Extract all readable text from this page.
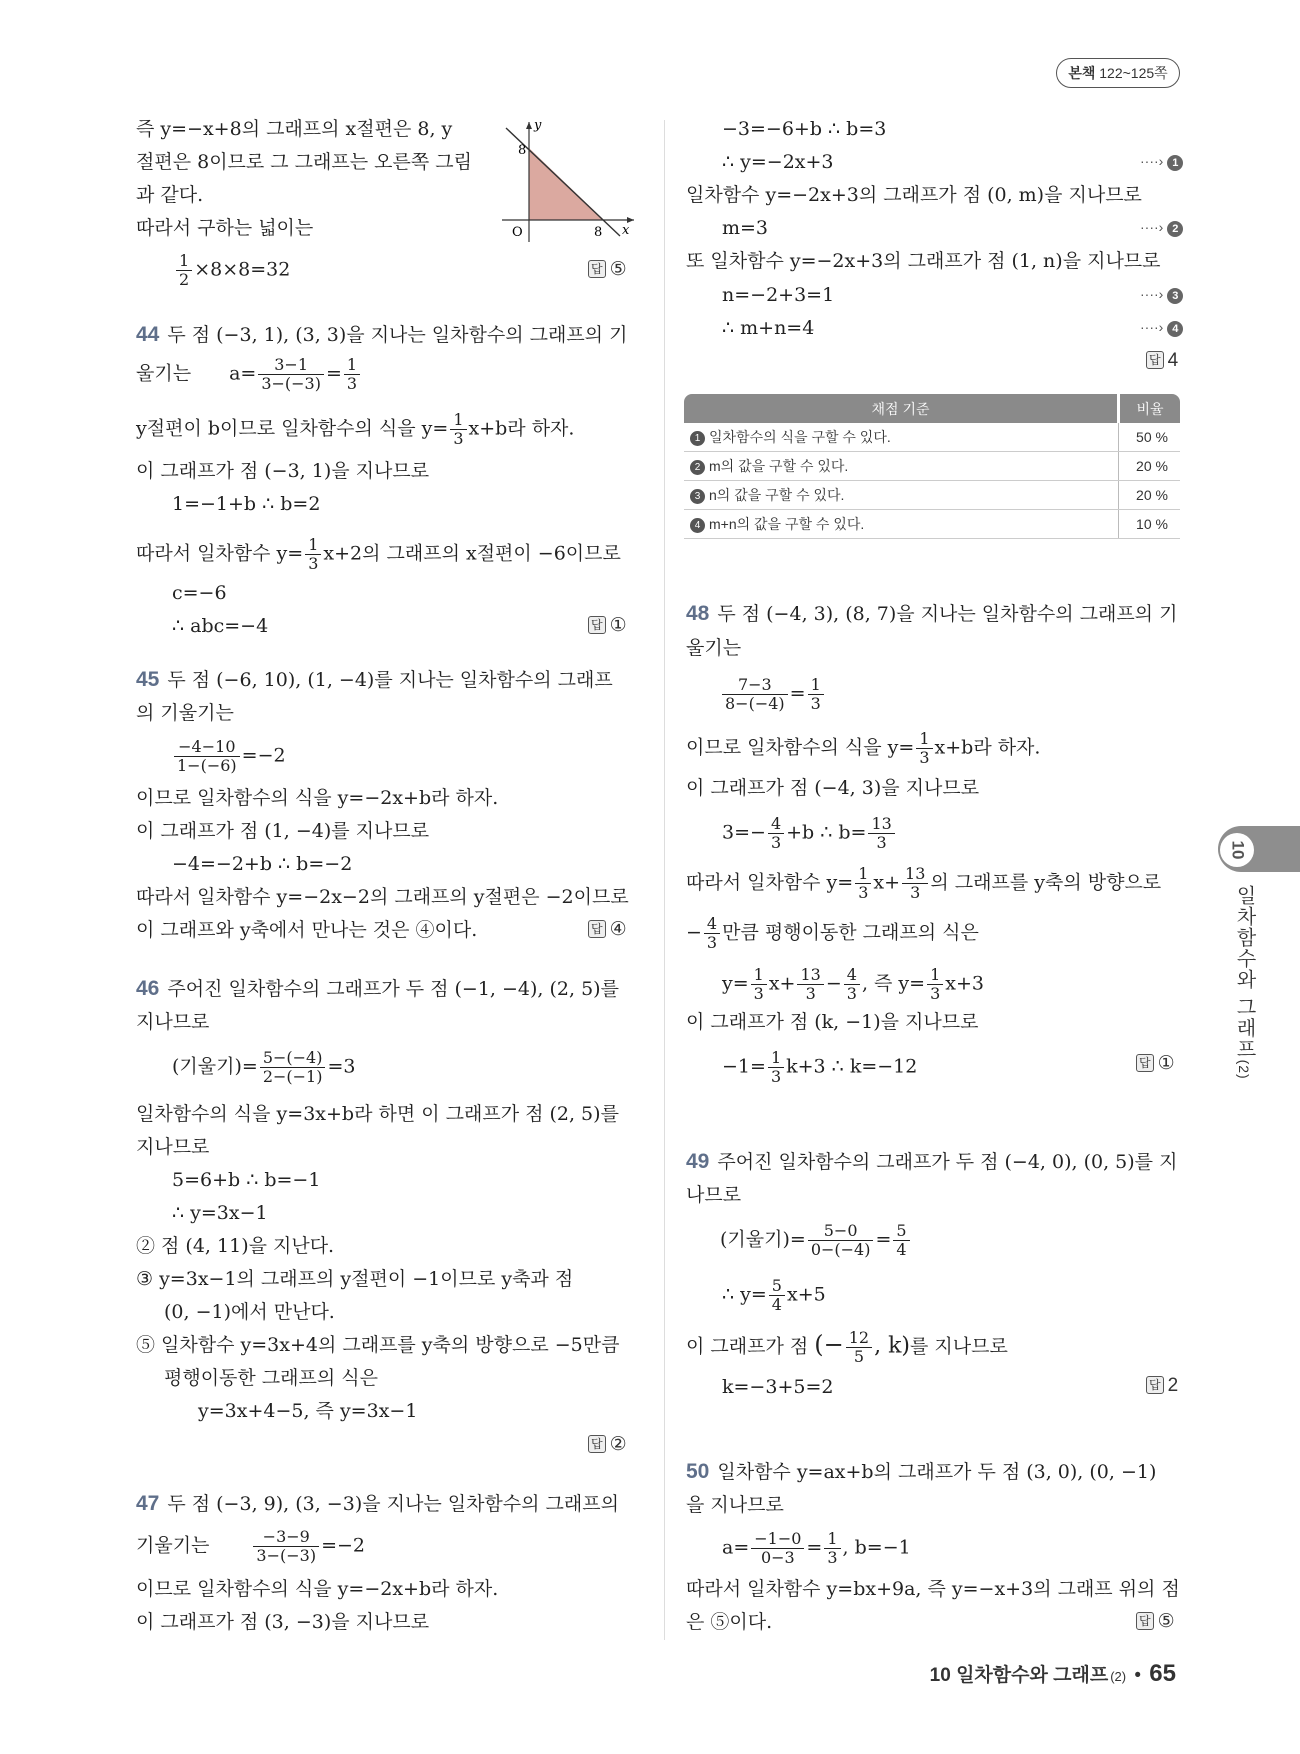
본책 122~125쪽
10
일차함수와 그래프(2)
즉 y=−x+8의 그래프의 x절편은 8, y
절편은 8이므로 그 그래프는 오른쪽 그림
과 같다.
따라서 구하는 넓이는
$\frac{1}{2} \times 8\times 8=32$	답 ⑤
y
x
O
8
8
44 두 점 (−3, 1), (3, 3)을 지나는 일차함수의 그래프의 기
울기는 $a= \frac{3-1}{3-(-3)} = \frac{1}{3}$
y절편이 b이므로 일차함수의 식을 $y= \frac{1}{3} x+b$라 하자.
이 그래프가 점 (−3, 1)을 지나므로
1=−1+b ∴ b=2
따라서 일차함수 $y= \frac{1}{3} x+2$의 그래프의 x절편이 −6이므로
c=−6
∴ abc=−4	답 ①
45 두 점 (−6, 10), (1, −4)를 지나는 일차함수의 그래프
의 기울기는
$\frac{-4-10}{1-(-6)} =-2$
이므로 일차함수의 식을 y=−2x+b라 하자.
이 그래프가 점 (1, −4)를 지나므로
−4=−2+b ∴ b=−2
따라서 일차함수 y=−2x−2의 그래프의 y절편은 −2이므로
이 그래프와 y축에서 만나는 것은 ④이다.	답 ④
46 주어진 일차함수의 그래프가 두 점 (−1, −4), (2, 5)를
지나므로
(기울기)= $\frac{5-(-4)}{2-(-1)} =3$
일차함수의 식을 y=3x+b라 하면 이 그래프가 점 (2, 5)를
지나므로
5=6+b ∴ b=−1
∴ y=3x−1
② 점 (4, 11)을 지난다.
③ y=3x−1의 그래프의 y절편이 −1이므로 y축과 점
(0, −1)에서 만난다.
⑤ 일차함수 y=3x+4의 그래프를 y축의 방향으로 −5만큼
평행이동한 그래프의 식은
y=3x+4−5, 즉 y=3x−1
답 ②
47 두 점 (−3, 9), (3, −3)을 지나는 일차함수의 그래프의
기울기는	$\frac{-3-9}{3-(-3)} =-2$
이므로 일차함수의 식을 y=−2x+b라 하자.
이 그래프가 점 (3, −3)을 지나므로
−3=−6+b ∴ b=3
∴ y=−2x+3	····› 1
일차함수 y=−2x+3의 그래프가 점 (0, m)을 지나므로
m=3	····› 2
또 일차함수 y=−2x+3의 그래프가 점 (1, n)을 지나므로
n=−2+3=1	····› 3
∴ m+n=4	····› 4
답 4
채점 기준	비율
1 일차함수의 식을 구할 수 있다.	50 %
2 m의 값을 구할 수 있다.	20 %
3 n의 값을 구할 수 있다.	20 %
4 m+n의 값을 구할 수 있다.	10 %
48 두 점 (−4, 3), (8, 7)을 지나는 일차함수의 그래프의 기
울기는
$\frac{7-3}{8-(-4)} = \frac{1}{3}$
이므로 일차함수의 식을 $y= \frac{1}{3} x+b$라 하자.
이 그래프가 점 (−4, 3)을 지나므로
$3=- \frac{4}{3} +b$ ∴ $b= \frac{13}{3}$
따라서 일차함수 $y= \frac{1}{3} x+ \frac{13}{3}$ 의 그래프를 y축의 방향으로
− $\frac{4}{3}$ 만큼 평행이동한 그래프의 식은
$y= \frac{1}{3} x+ \frac{13}{3} - \frac{4}{3}$ , 즉 $y= \frac{1}{3} x+3$
이 그래프가 점 (k, −1)을 지나므로
$-1= \frac{1}{3} k+3$ ∴ k=−12	답 ①
49 주어진 일차함수의 그래프가 두 점 (−4, 0), (0, 5)를 지
나므로
(기울기)= $\frac{5-0}{0-(-4)} = \frac{5}{4}$
∴ $y= \frac{5}{4} x+5$
이 그래프가 점 (− $\frac{12}{5}$ , k)를 지나므로
k=−3+5=2	답 2
50 일차함수 y=ax+b의 그래프가 두 점 (3, 0), (0, −1)
을 지나므로
$a= \frac{-1-0}{0-3} = \frac{1}{3}$ , b=−1
따라서 일차함수 y=bx+9a, 즉 y=−x+3의 그래프 위의 점
은 ⑤이다.	답 ⑤
10 일차함수와 그래프 (2) • 65
